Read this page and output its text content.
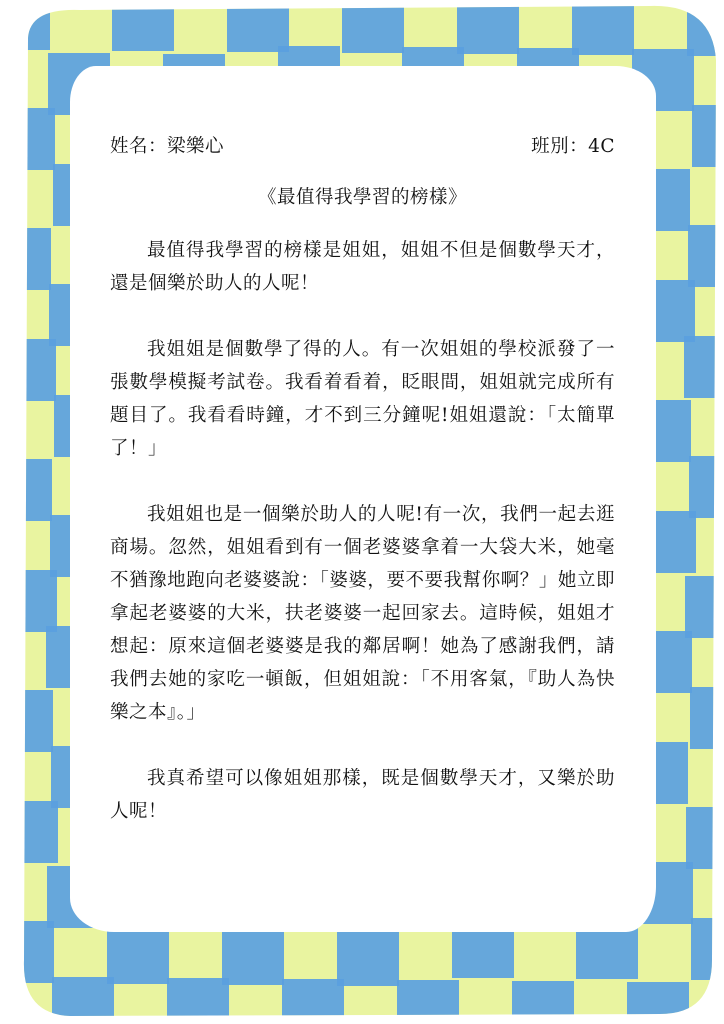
姓名：梁樂心	班別：4C
《最值得我學習的榜樣》

最值得我學習的榜樣是姐姐，姐姐不但是個數學天才，還是個樂於助人的人呢！

我姐姐是個數學了得的人。有一次姐姐的學校派發了一張數學模擬考試卷。我看着看着，眨眼間，姐姐就完成所有題目了。我看看時鐘，才不到三分鐘呢!姐姐還說：「太簡單了！」

我姐姐也是一個樂於助人的人呢!有一次，我們一起去逛商場。忽然，姐姐看到有一個老婆婆拿着一大袋大米，她毫不猶豫地跑向老婆婆說：「婆婆，要不要我幫你啊？」她立即拿起老婆婆的大米，扶老婆婆一起回家去。這時候，姐姐才想起：原來這個老婆婆是我的鄰居啊！她為了感謝我們，請我們去她的家吃一頓飯，但姐姐說：「不用客氣，『助人為快樂之本』。」

我真希望可以像姐姐那樣，既是個數學天才，又樂於助人呢！
